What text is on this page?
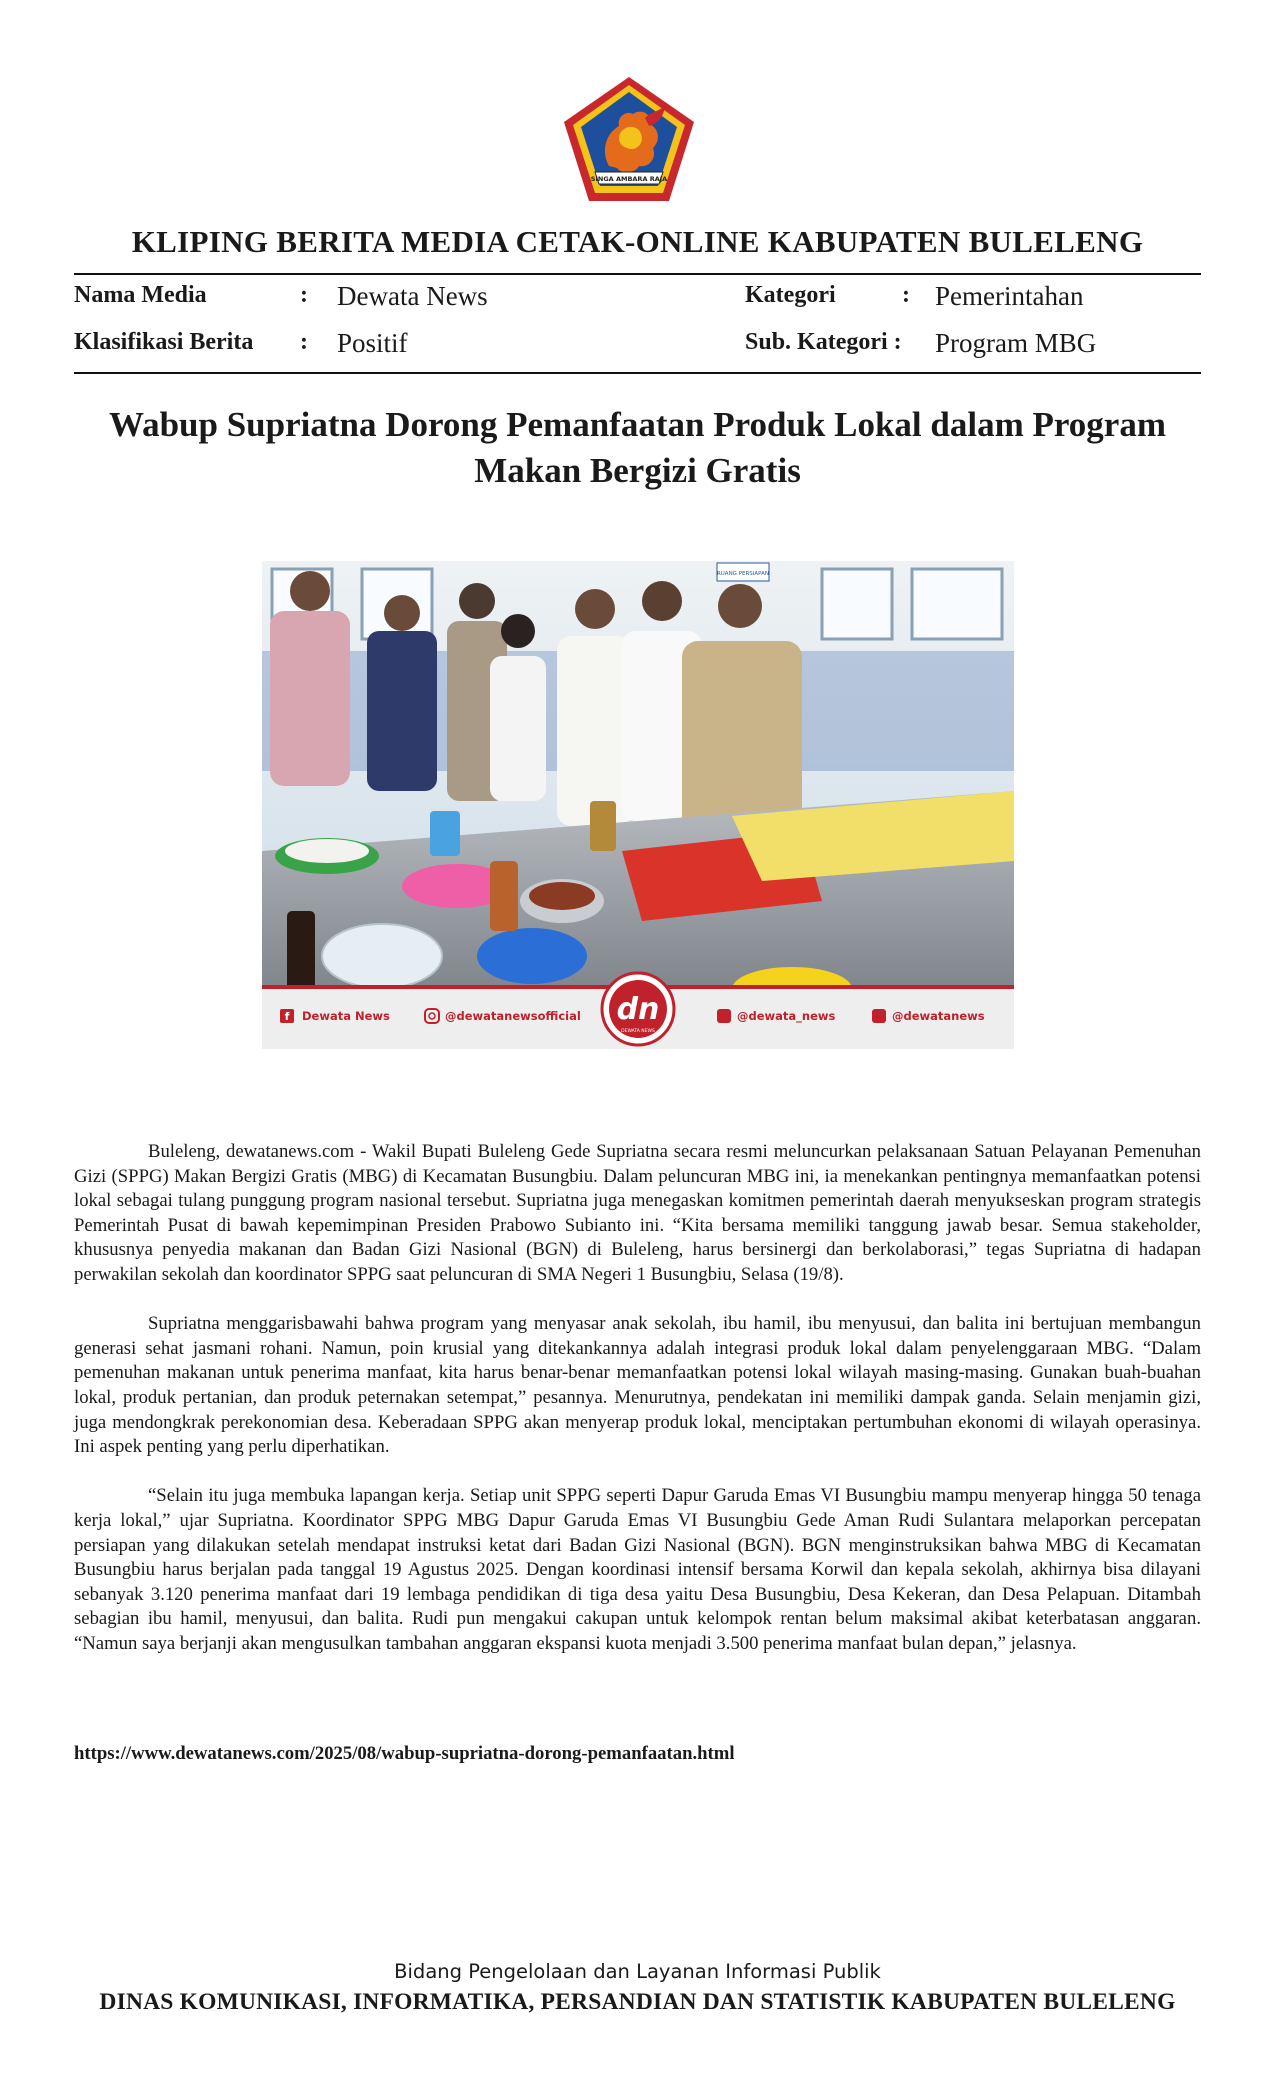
SINGA AMBARA RAJA
KLIPING BERITA MEDIA CETAK-ONLINE KABUPATEN BULELENG
Nama Media	: Dewata News	Kategori	: Pemerintahan
Klasifikasi Berita : Positif	Sub. Kategori : Program MBG
Wabup Supriatna Dorong Pemanfaatan Produk Lokal dalam Program Makan Bergizi Gratis
RUANG PERSIAPAN
f Dewata News	@dewatanewsofficial dn
DEWATA NEWS
@dewata_news	@dewatanews

Buleleng, dewatanews.com - Wakil Bupati Buleleng Gede Supriatna secara resmi meluncurkan pelaksanaan Satuan Pelayanan Pemenuhan Gizi (SPPG) Makan Bergizi Gratis (MBG) di Kecamatan Busungbiu. Dalam peluncuran MBG ini, ia menekankan pentingnya memanfaatkan potensi lokal sebagai tulang punggung program nasional tersebut. Supriatna juga menegaskan komitmen pemerintah daerah menyukseskan program strategis Pemerintah Pusat di bawah kepemimpinan Presiden Prabowo Subianto ini. “Kita bersama memiliki tanggung jawab besar. Semua stakeholder, khususnya penyedia makanan dan Badan Gizi Nasional (BGN) di Buleleng, harus bersinergi dan berkolaborasi,” tegas Supriatna di hadapan perwakilan sekolah dan koordinator SPPG saat peluncuran di SMA Negeri 1 Busungbiu, Selasa (19/8).

Supriatna menggarisbawahi bahwa program yang menyasar anak sekolah, ibu hamil, ibu menyusui, dan balita ini bertujuan membangun generasi sehat jasmani rohani. Namun, poin krusial yang ditekankannya adalah integrasi produk lokal dalam penyelenggaraan MBG. “Dalam pemenuhan makanan untuk penerima manfaat, kita harus benar-benar memanfaatkan potensi lokal wilayah masing-masing. Gunakan buah-buahan lokal, produk pertanian, dan produk peternakan setempat,” pesannya. Menurutnya, pendekatan ini memiliki dampak ganda. Selain menjamin gizi, juga mendongkrak perekonomian desa. Keberadaan SPPG akan menyerap produk lokal, menciptakan pertumbuhan ekonomi di wilayah operasinya. Ini aspek penting yang perlu diperhatikan.

“Selain itu juga membuka lapangan kerja. Setiap unit SPPG seperti Dapur Garuda Emas VI Busungbiu mampu menyerap hingga 50 tenaga kerja lokal,” ujar Supriatna. Koordinator SPPG MBG Dapur Garuda Emas VI Busungbiu Gede Aman Rudi Sulantara melaporkan percepatan persiapan yang dilakukan setelah mendapat instruksi ketat dari Badan Gizi Nasional (BGN). BGN menginstruksikan bahwa MBG di Kecamatan Busungbiu harus berjalan pada tanggal 19 Agustus 2025. Dengan koordinasi intensif bersama Korwil dan kepala sekolah, akhirnya bisa dilayani sebanyak 3.120 penerima manfaat dari 19 lembaga pendidikan di tiga desa yaitu Desa Busungbiu, Desa Kekeran, dan Desa Pelapuan. Ditambah sebagian ibu hamil, menyusui, dan balita. Rudi pun mengakui cakupan untuk kelompok rentan belum maksimal akibat keterbatasan anggaran. “Namun saya berjanji akan mengusulkan tambahan anggaran ekspansi kuota menjadi 3.500 penerima manfaat bulan depan,” jelasnya.

https://www.dewatanews.com/2025/08/wabup-supriatna-dorong-pemanfaatan.html
Bidang Pengelolaan dan Layanan Informasi Publik
DINAS KOMUNIKASI, INFORMATIKA, PERSANDIAN DAN STATISTIK KABUPATEN BULELENG
